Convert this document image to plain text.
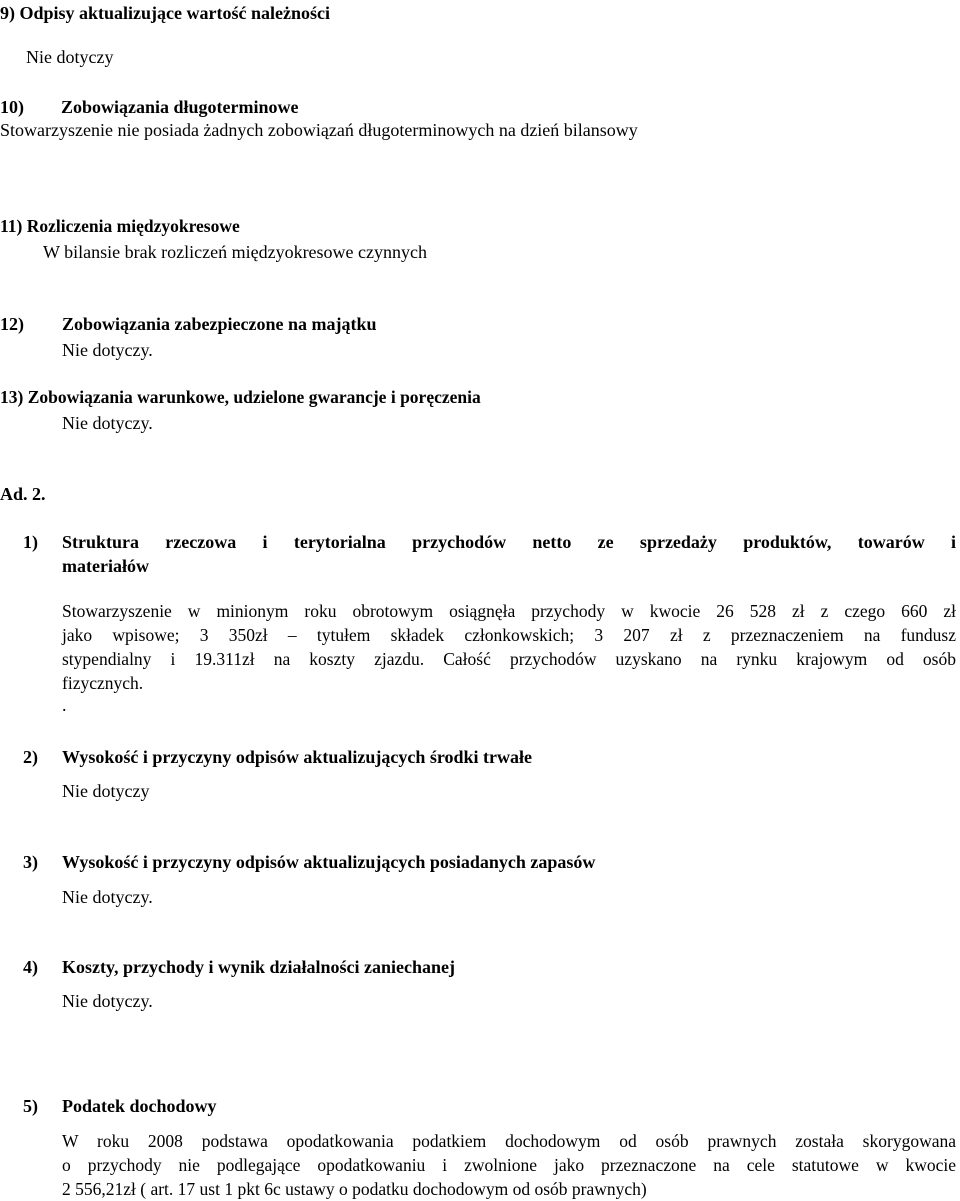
9) Odpisy aktualizujące wartość należności
Nie dotyczy
10) Zobowiązania długoterminowe
Stowarzyszenie nie posiada żadnych zobowiązań długoterminowych na dzień bilansowy
11) Rozliczenia międzyokresowe
W bilansie brak rozliczeń międzyokresowe czynnych
12) Zobowiązania zabezpieczone na majątku
Nie dotyczy.
13) Zobowiązania warunkowe, udzielone gwarancje i poręczenia
Nie dotyczy.
Ad. 2.
1) Struktura rzeczowa i terytorialna przychodów netto ze sprzedaży produktów, towarów i
materiałów
Stowarzyszenie w minionym roku obrotowym osiągnęła przychody w kwocie 26 528 zł z czego 660 zł
jako wpisowe; 3 350zł – tytułem składek członkowskich; 3 207 zł z przeznaczeniem na fundusz
stypendialny i 19.311zł na koszty zjazdu. Całość przychodów uzyskano na rynku krajowym od osób
fizycznych.
.
2) Wysokość i przyczyny odpisów aktualizujących środki trwałe
Nie dotyczy
3) Wysokość i przyczyny odpisów aktualizujących posiadanych zapasów
Nie dotyczy.
4) Koszty, przychody i wynik działalności zaniechanej
Nie dotyczy.
5) Podatek dochodowy
W roku 2008 podstawa opodatkowania podatkiem dochodowym od osób prawnych została skorygowana
o przychody nie podlegające opodatkowaniu i zwolnione jako przeznaczone na cele statutowe w kwocie
2 556,21zł ( art. 17 ust 1 pkt 6c ustawy o podatku dochodowym od osób prawnych)
